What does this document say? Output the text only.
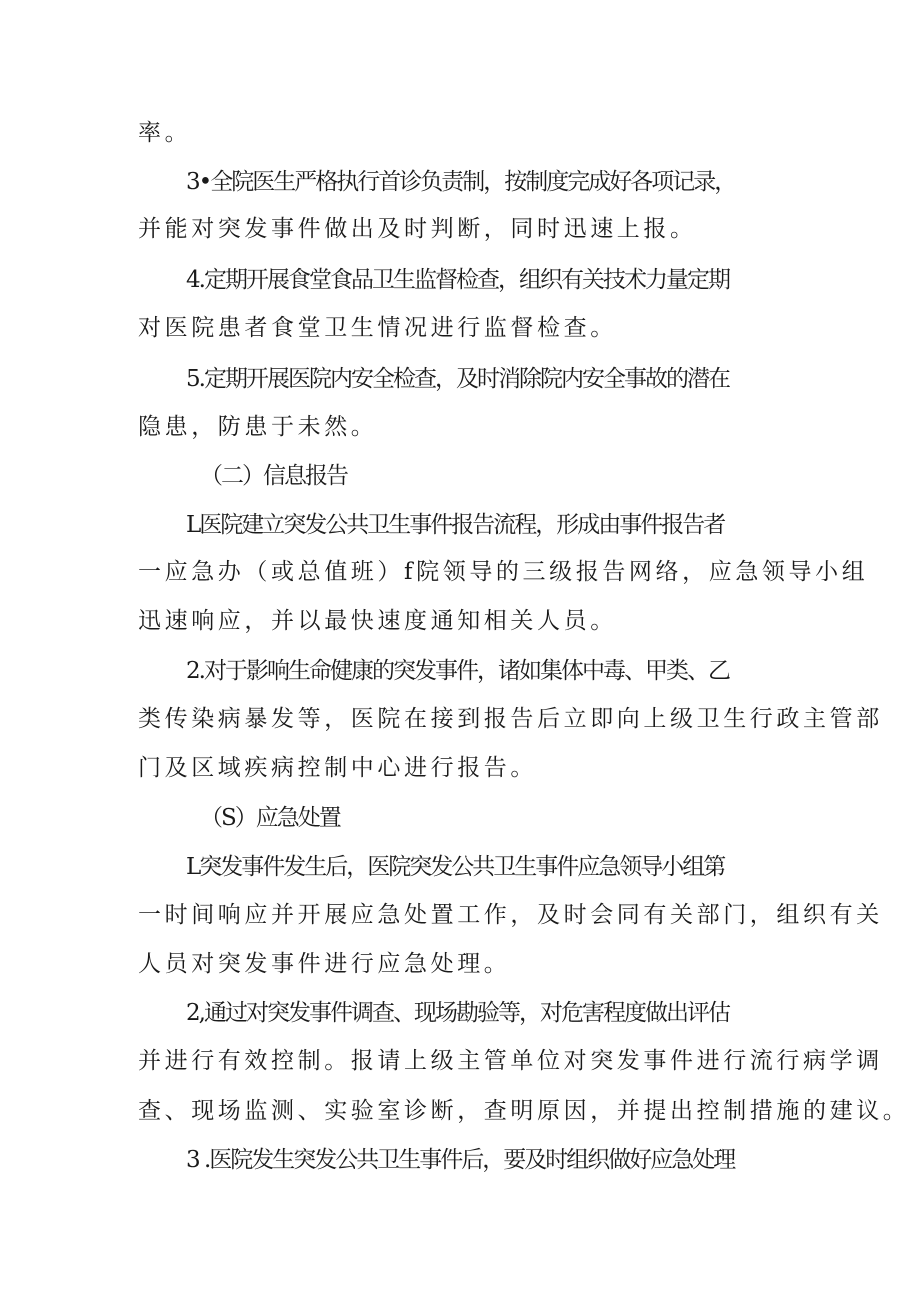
率。
3•全院医生严格执行首诊负责制，按制度完成好各项记录，
并能对突发事件做出及时判断，同时迅速上报。
4.定期开展食堂食品卫生监督检查，组织有关技术力量定期
对医院患者食堂卫生情况进行监督检查。
5.定期开展医院内安全检查，及时消除院内安全事故的潜在
隐患，防患于未然。
（二）信息报告
L医院建立突发公共卫生事件报告流程，形成由事件报告者
一应急办（或总值班）f院领导的三级报告网络，应急领导小组
迅速响应，并以最快速度通知相关人员。
2.对于影响生命健康的突发事件，诸如集体中毒、甲类、乙
类传染病暴发等，医院在接到报告后立即向上级卫生行政主管部
门及区域疾病控制中心进行报告。
（S）应急处置
L突发事件发生后，医院突发公共卫生事件应急领导小组第
一时间响应并开展应急处置工作，及时会同有关部门，组织有关
人员对突发事件进行应急处理。
2,通过对突发事件调查、现场勘验等，对危害程度做出评估
并进行有效控制。报请上级主管单位对突发事件进行流行病学调
查、现场监测、实验室诊断，查明原因，并提出控制措施的建议。
3 .医院发生突发公共卫生事件后，要及时组织做好应急处理
